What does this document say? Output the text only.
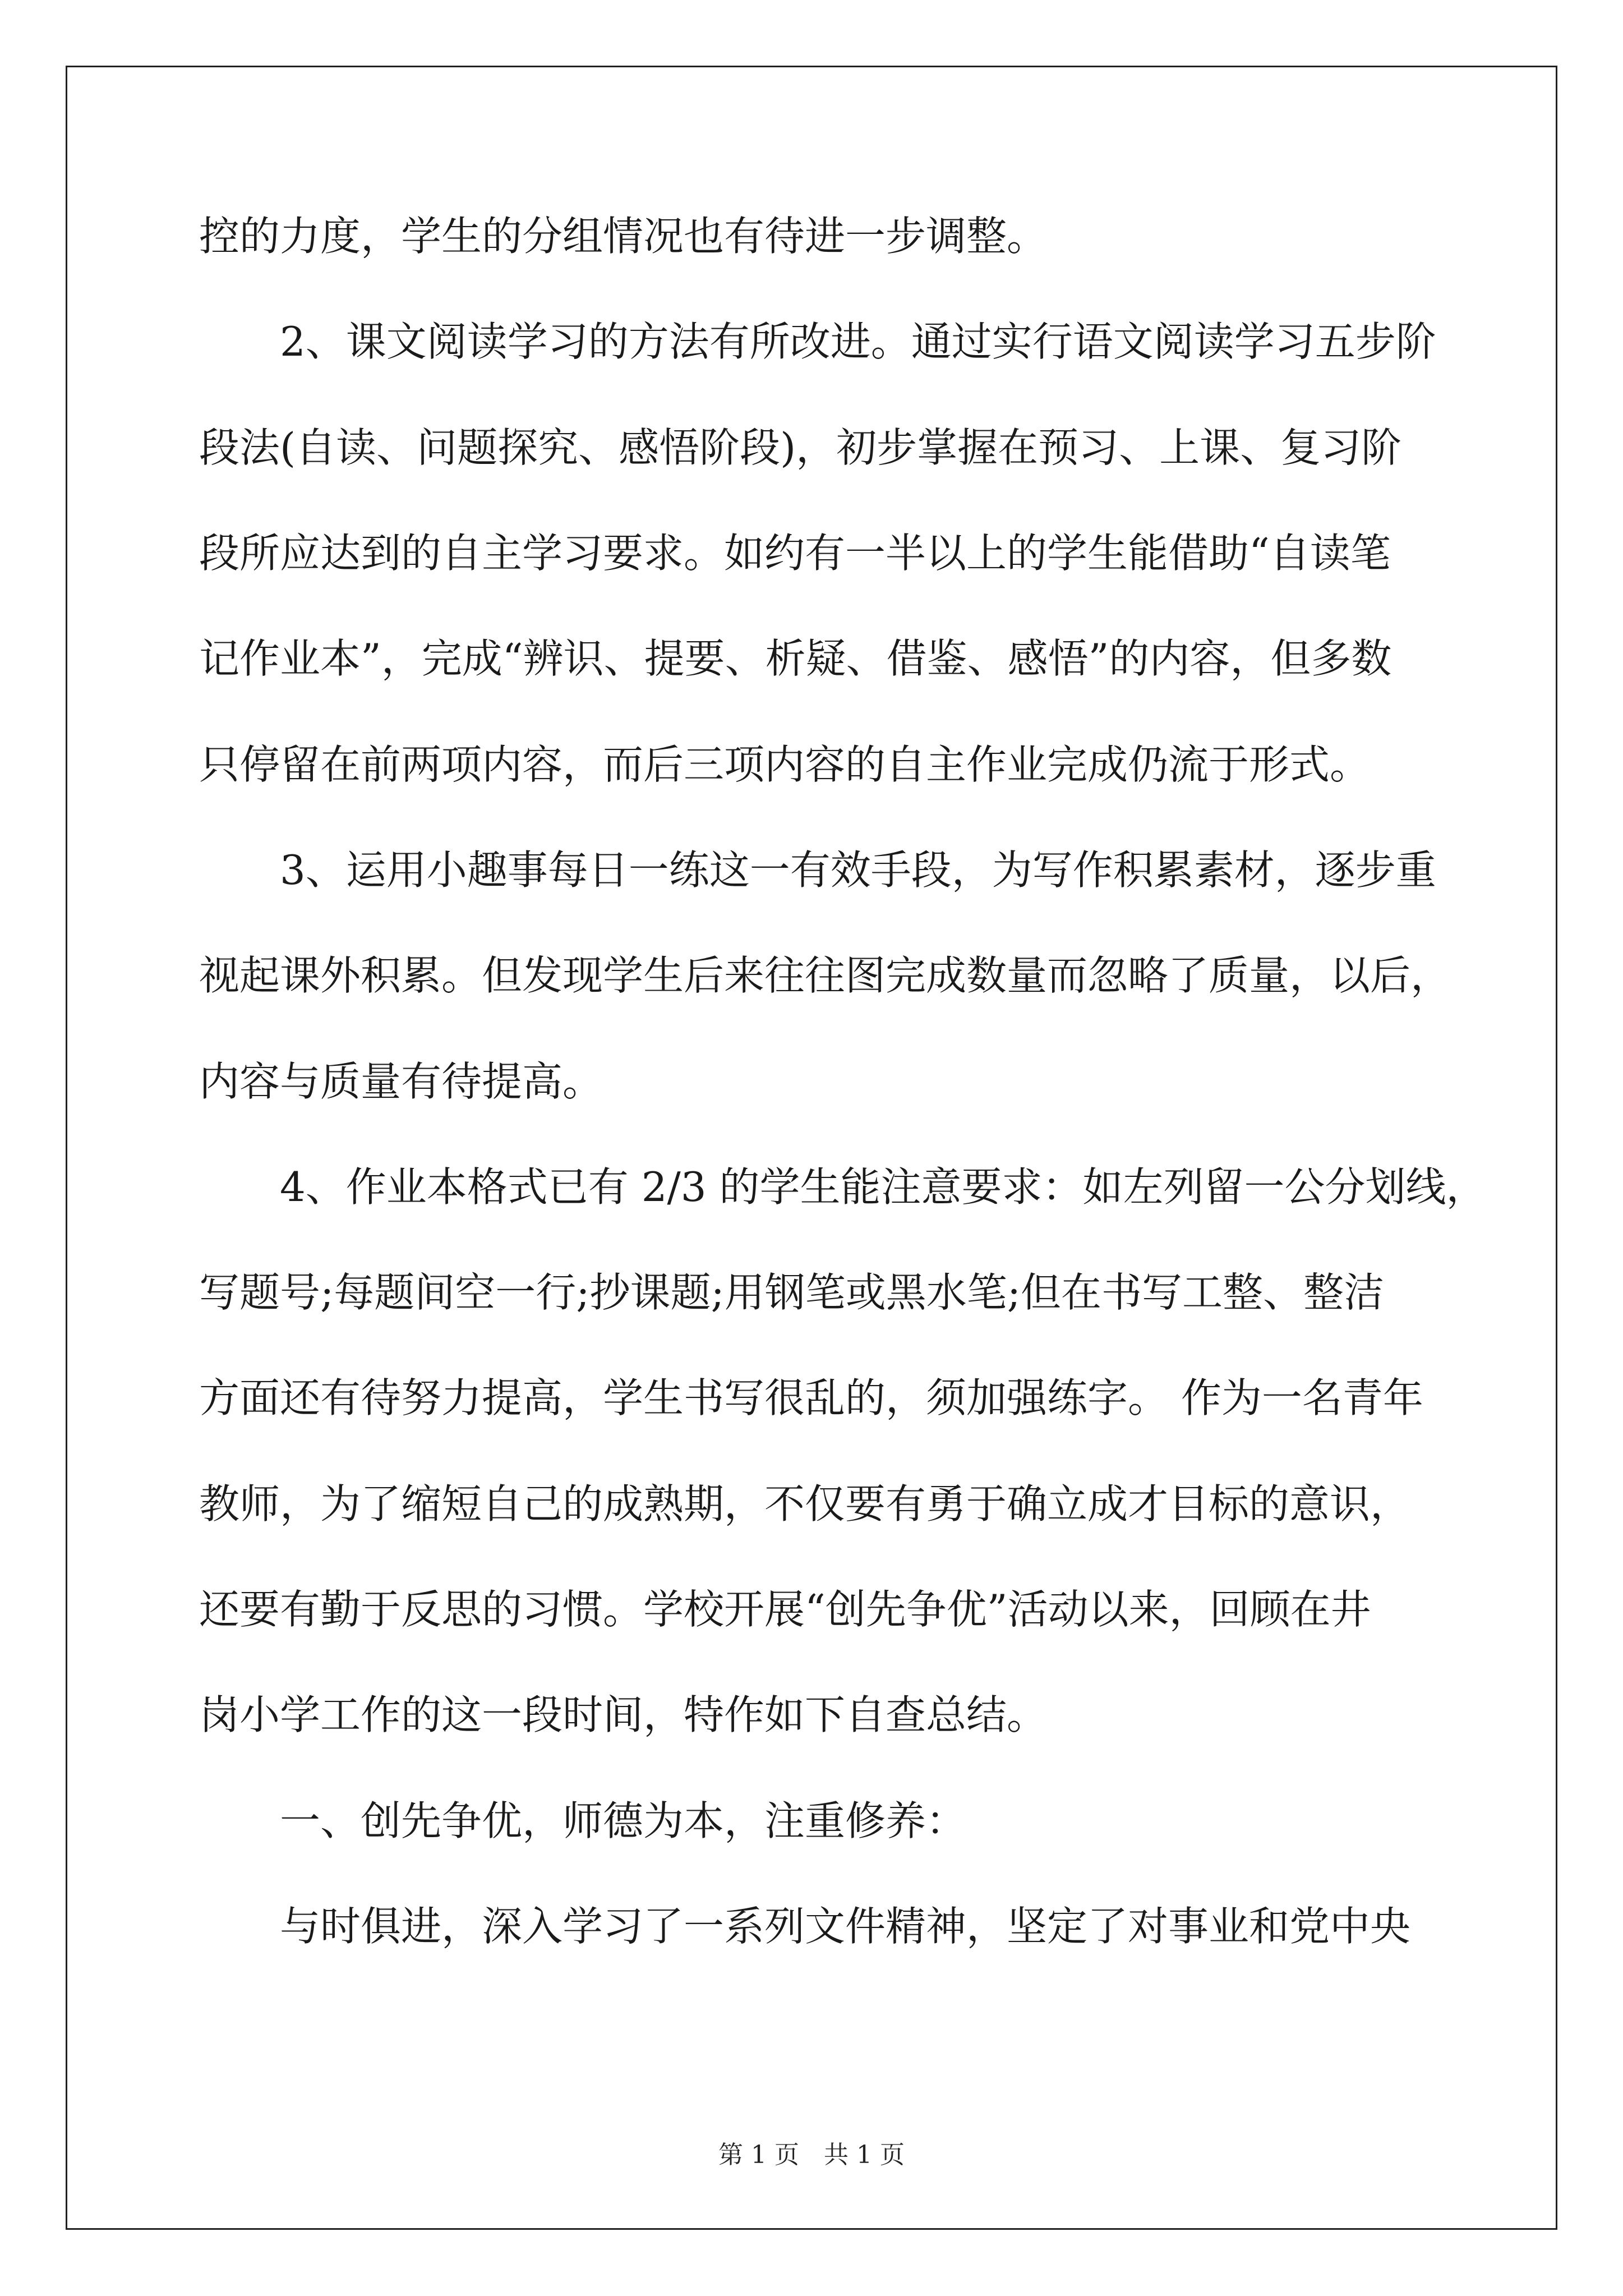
控的力度，学生的分组情况也有待进一步调整。
　　2、课文阅读学习的方法有所改进。通过实行语文阅读学习五步阶
段法(自读、问题探究、感悟阶段)，初步掌握在预习、上课、复习阶
段所应达到的自主学习要求。如约有一半以上的学生能借助“自读笔
记作业本”，完成“辨识、提要、析疑、借鉴、感悟”的内容，但多数
只停留在前两项内容，而后三项内容的自主作业完成仍流于形式。
　　3、运用小趣事每日一练这一有效手段，为写作积累素材，逐步重
视起课外积累。但发现学生后来往往图完成数量而忽略了质量，以后，
内容与质量有待提高。
　　4、作业本格式已有 2/3 的学生能注意要求：如左列留一公分划线，
写题号;每题间空一行;抄课题;用钢笔或黑水笔;但在书写工整、整洁
方面还有待努力提高，学生书写很乱的，须加强练字。 作为一名青年
教师，为了缩短自己的成熟期，不仅要有勇于确立成才目标的意识，
还要有勤于反思的习惯。学校开展“创先争优”活动以来，回顾在井
岗小学工作的这一段时间，特作如下自查总结。
　　一、创先争优，师德为本，注重修养：
　　与时俱进，深入学习了一系列文件精神，坚定了对事业和党中央
第 1 页　共 1 页
